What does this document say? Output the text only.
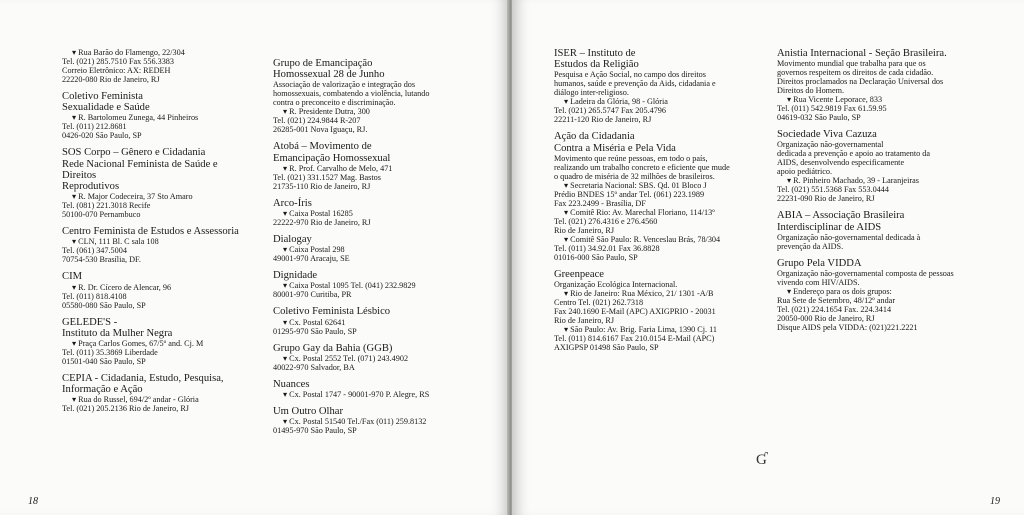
▾ Rua Barão do Flamengo, 22/304
Tel. (021) 285.7510 Fax 556.3383
Correio Eletrônico: AX: REDEH
22220-080 Rio de Janeiro, RJ
Coletivo Feminista
Sexualidade e Saúde
▾ R. Bartolomeu Zunega, 44 Pinheiros
Tel. (011) 212.8681
0426-020 São Paulo, SP
SOS Corpo – Gênero e Cidadania
Rede Nacional Feminista de Saúde e Direitos
Reprodutivos
▾ R. Major Codeceira, 37 Sto Amaro
Tel. (081) 221.3018 Recife
50100-070 Pernambuco
Centro Feminista de Estudos e Assessoria
▾ CLN, 111 Bl. C sala 108
Tel. (061) 347.5004
70754-530 Brasília, DF.
CIM
▾ R. Dr. Cícero de Alencar, 96
Tel. (011) 818.4108
05580-080 São Paulo, SP
GELEDE'S -
Instituto da Mulher Negra
▾ Praça Carlos Gomes, 67/5º and. Cj. M
Tel. (011) 35.3869 Liberdade
01501-040 São Paulo, SP
CEPIA - Cidadania, Estudo, Pesquisa,
Informação e Ação
▾ Rua do Russel, 694/2º andar - Glória
Tel. (021) 205.2136 Rio de Janeiro, RJ
Grupo de Emancipação
Homossexual 28 de Junho
Associação de valorização e integração dos
homossexuais, combatendo a violência, lutando
contra o preconceito e discriminação.
▾ R. Presidente Dutra, 300
Tel. (021) 224.9844 R-207
26285-001 Nova Iguaçu, RJ.
Atobá – Movimento de
Emancipação Homossexual
▾ R. Prof. Carvalho de Melo, 471
Tel. (021) 331.1527 Mag. Bastos
21735-110 Rio de Janeiro, RJ
Arco-Íris
▾ Caixa Postal 16285
22222-970 Rio de Janeiro, RJ
Dialogay
▾ Caixa Postal 298
49001-970 Aracaju, SE
Dignidade
▾ Caixa Postal 1095 Tel. (041) 232.9829
80001-970 Curitiba, PR
Coletivo Feminista Lésbico
▾ Cx. Postal 62641
01295-970 São Paulo, SP
Grupo Gay da Bahia (GGB)
▾ Cx. Postal 2552 Tel. (071) 243.4902
40022-970 Salvador, BA
Nuances
▾ Cx. Postal 1747 - 90001-970 P. Alegre, RS
Um Outro Olhar
▾ Cx. Postal 51540 Tel./Fax (011) 259.8132
01495-970 São Paulo, SP
18
ISER – Instituto de
Estudos da Religião
Pesquisa e Ação Social, no campo dos direitos
humanos, saúde e prevenção da Aids, cidadania e
diálogo inter-religioso.
▾ Ladeira da Glória, 98 - Glória
Tel. (021) 265.5747 Fax 205.4796
22211-120 Rio de Janeiro, RJ
Ação da Cidadania
Contra a Miséria e Pela Vida
Movimento que reúne pessoas, em todo o país,
realizando um trabalho concreto e eficiente que mude
o quadro de miséria de 32 milhões de brasileiros.
▾ Secretaria Nacional: SBS. Qd. 01 Bloco J
Prédio BNDES 15º andar Tel. (061) 223.1989
Fax 223.2499 - Brasília, DF
▾ Comitê Rio: Av. Marechal Floriano, 114/13º
Tel. (021) 276.4316 e 276.4560
Rio de Janeiro, RJ
▾ Comitê São Paulo: R. Venceslau Brás, 78/304
Tel. (011) 34.92.01 Fax 36.8828
01016-000 São Paulo, SP
Greenpeace
Organização Ecológica Internacional.
▾ Rio de Janeiro: Rua México, 21/ 1301 -A/B
Centro Tel. (021) 262.7318
Fax 240.1690 E-Mail (APC) AXIGPRIO - 20031
Rio de Janeiro, RJ
▾ São Paulo: Av. Brig. Faria Lima, 1390 Cj. 11
Tel. (011) 814.6167 Fax 210.0154 E-Mail (APC)
AXIGPSP 01498 São Paulo, SP
Anistia Internacional - Seção Brasileira.
Movimento mundial que trabalha para que os
governos respeitem os direitos de cada cidadão.
Direitos proclamados na Declaração Universal dos
Direitos do Homem.
▾ Rua Vicente Leporace, 833
Tel. (011) 542.9819 Fax 61.59.95
04619-032 São Paulo, SP
Sociedade Viva Cazuza
Organização não-governamental
dedicada a prevenção e apoio ao tratamento da
AIDS, desenvolvendo especificamente
apoio pediátrico.
▾ R. Pinheiro Machado, 39 - Laranjeiras
Tel. (021) 551.5368 Fax 553.0444
22231-090 Rio de Janeiro, RJ
ABIA – Associação Brasileira
Interdisciplinar de AIDS
Organização não-governamental dedicada à
prevenção da AIDS.
Grupo Pela VIDDA
Organização não-governamental composta de pessoas
vivendo com HIV/AIDS.
▾ Endereço para os dois grupos:
Rua Sete de Setembro, 48/12º andar
Tel. (021) 224.1654 Fax. 224.3414
20050-000 Rio de Janeiro, RJ
Disque AIDS pela VIDDA: (021)221.2221
Ɠ
19
